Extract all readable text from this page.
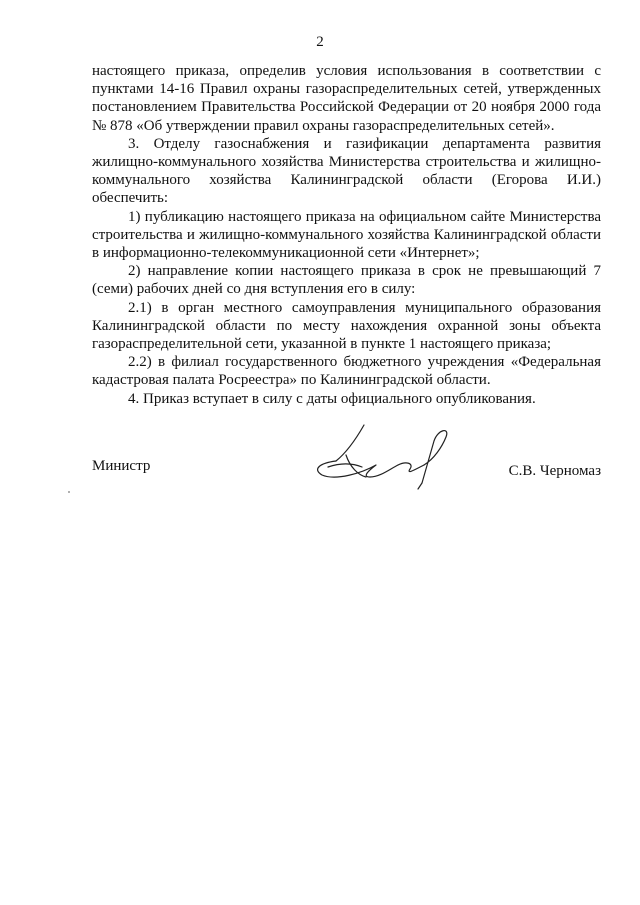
2

настоящего приказа, определив условия использования в соответствии с пунктами 14-16 Правил охраны газораспределительных сетей, утвержденных постановлением Правительства Российской Федерации от 20 ноября 2000 года № 878 «Об утверждении правил охраны газораспределительных сетей».

3. Отделу газоснабжения и газификации департамента развития жилищно-коммунального хозяйства Министерства строительства и жилищно-коммунального хозяйства Калининградской области (Егорова И.И.) обеспечить:

1) публикацию настоящего приказа на официальном сайте Министерства строительства и жилищно-коммунального хозяйства Калининградской области в информационно-телекоммуникационной сети «Интернет»;

2) направление копии настоящего приказа в срок не превышающий 7 (семи) рабочих дней со дня вступления его в силу:

2.1) в орган местного самоуправления муниципального образования Калининградской области по месту нахождения охранной зоны объекта газораспределительной сети, указанной в пункте 1 настоящего приказа;

2.2) в филиал государственного бюджетного учреждения «Федеральная кадастровая палата Росреестра» по Калининградской области.

4. Приказ вступает в силу с даты официального опубликования.

Министр	С.В. Черномаз
